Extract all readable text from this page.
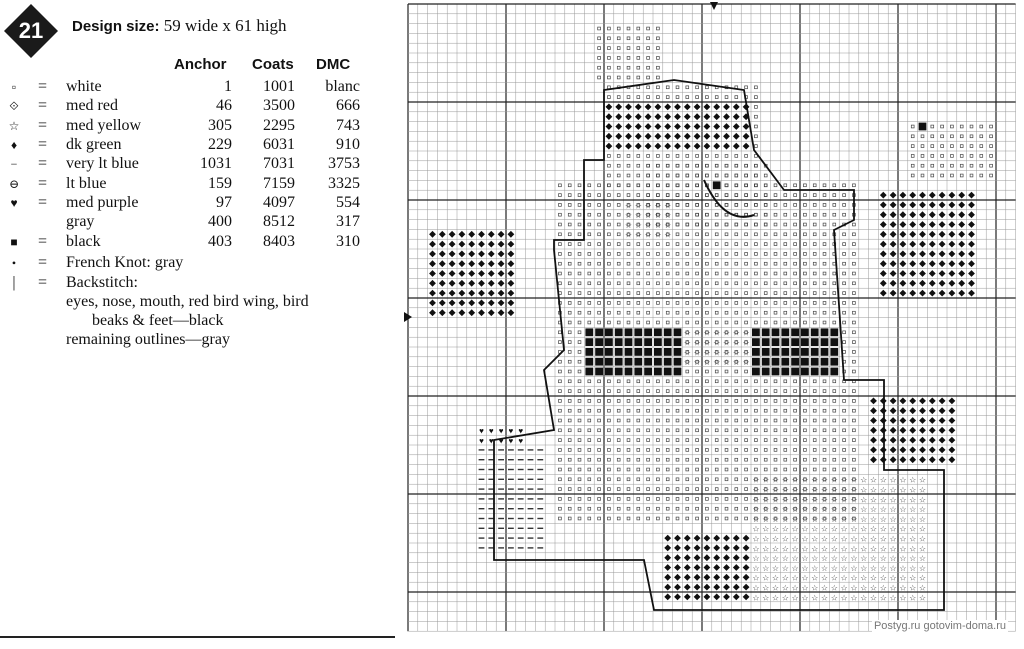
21 Design size: 59 wide x 61 high
Anchor Coats DMC
▫	= white	1 1001 blanc
⟐ = med red	46 3500	666
☆ = med yellow	305 2295	743
♦	= dk green	229 6031	910
− = very lt blue	1031 7031 3753
⊖ = lt blue	159 7159 3325
♥ = med purple	97 4097	554
gray	400 8512	317
■ = black	403 8403	310
•	= French Knot: gray
|	= Backstitch:
eyes, nose, mouth, red bird wing, bird
beaks & feet—black
remaining outlines—gray	☆
☆
☆
☆
☆
☆
☆
☆
☆
☆
☆
☆
☆
☆
☆
☆
☆
☆
☆
☆
☆
☆
☆
☆
☆
☆
☆
☆
☆
☆
☆
☆
☆
☆
☆
☆
☆
☆
☆
☆
☆
☆
☆
☆
☆
☆
☆
☆
♥
♥
♥
♥
♥
♥
♥
♥
♥
♥
☆
☆
☆
☆
☆
☆
☆
☆
☆
☆
☆
☆
☆
☆
☆
☆
☆
☆
☆
☆
☆
☆
☆
☆
☆
☆
☆
☆
☆
☆
☆
☆
☆
☆
☆
☆
☆
☆
☆
☆
☆
☆
☆
☆
☆
☆
☆
☆
☆
☆
☆
☆
☆
☆
☆
☆
☆
☆
☆
☆
☆
☆
☆
☆
☆
☆
☆
☆
☆
☆
☆
☆
☆
☆
☆
☆
☆
☆
☆
☆
☆
☆
☆
☆
☆
☆
☆
☆
☆
☆
☆
☆
☆
☆
☆
☆
☆
☆
☆
☆
☆
☆
☆
☆
☆
☆
☆
☆
☆
☆
☆
☆
☆
☆
☆
☆
☆
☆
☆
☆
☆
☆
☆
☆
☆
☆
☆
☆
☆
☆
☆
☆
☆
☆
☆
☆
☆
☆
☆
☆
☆
☆
☆
☆
☆
☆
☆
☆
☆
☆
☆
☆
☆
☆
☆
☆
☆
☆
☆
☆
☆
☆
☆
☆
☆
☆
☆
☆
☆
☆
☆
☆
☆
☆
☆
☆
☆
☆
☆
☆
☆
☆
☆
☆
☆
☆
☆
☆
☆
☆
☆
☆
☆
☆
☆
☆
☆
☆
☆
☆
☆
☆
☆
☆
☆
☆
☆
☆
☆
☆
☆
☆
☆
☆
☆
☆
☆
☆
☆
☆
☆
☆
☆
☆
☆
☆
☆
☆
☆
☆
☆
☆
☆
☆
Postyg.ru gotovim-doma.ru
